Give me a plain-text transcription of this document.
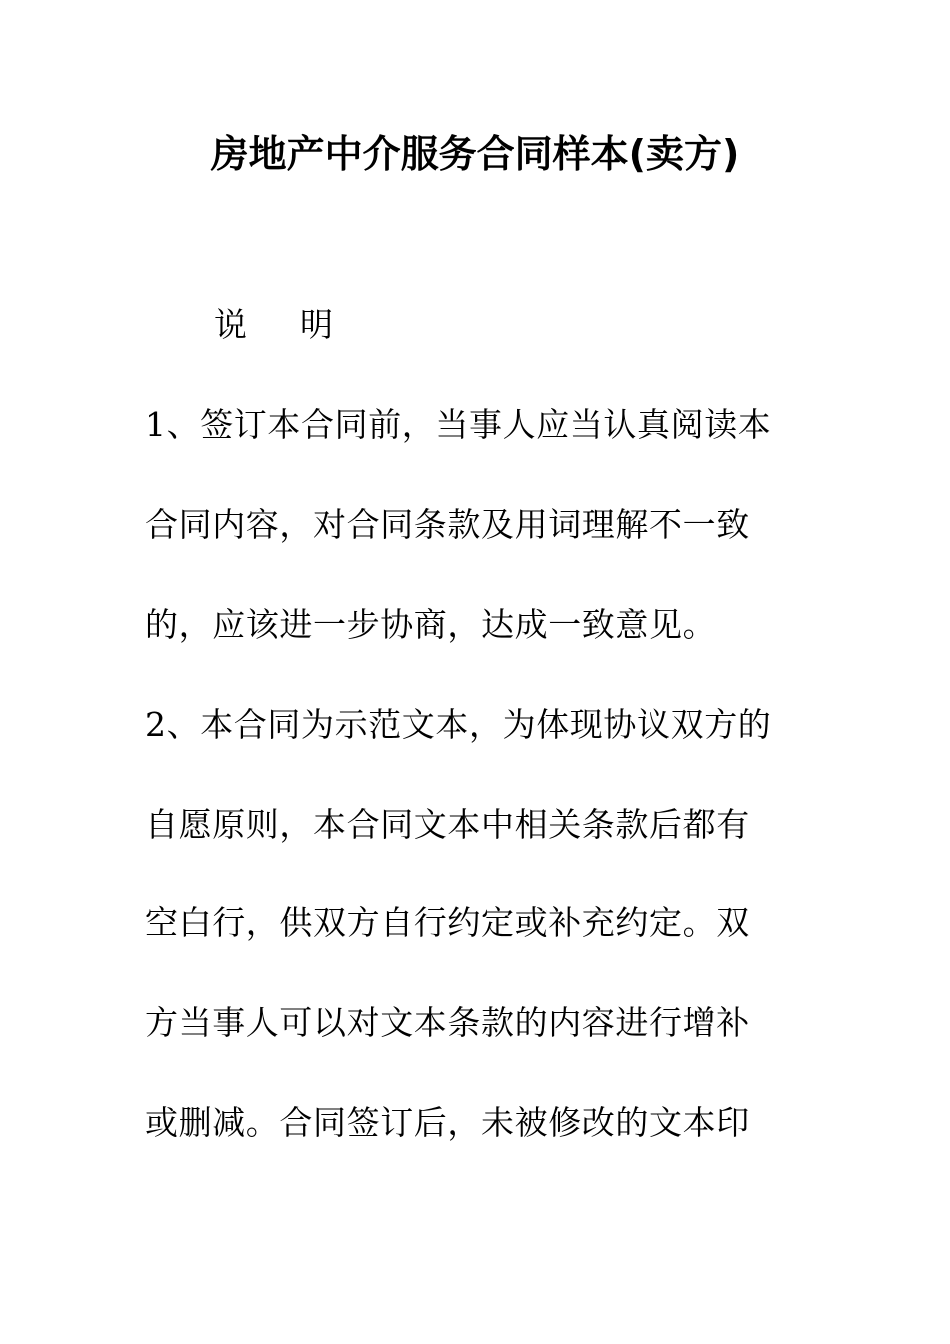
房地产中介服务合同样本(卖方)
说 明
1、签订本合同前，当事人应当认真阅读本
合同内容，对合同条款及用词理解不一致
的，应该进一步协商，达成一致意见。
2、本合同为示范文本，为体现协议双方的
自愿原则，本合同文本中相关条款后都有
空白行，供双方自行约定或补充约定。双
方当事人可以对文本条款的内容进行增补
或删减。合同签订后，未被修改的文本印
